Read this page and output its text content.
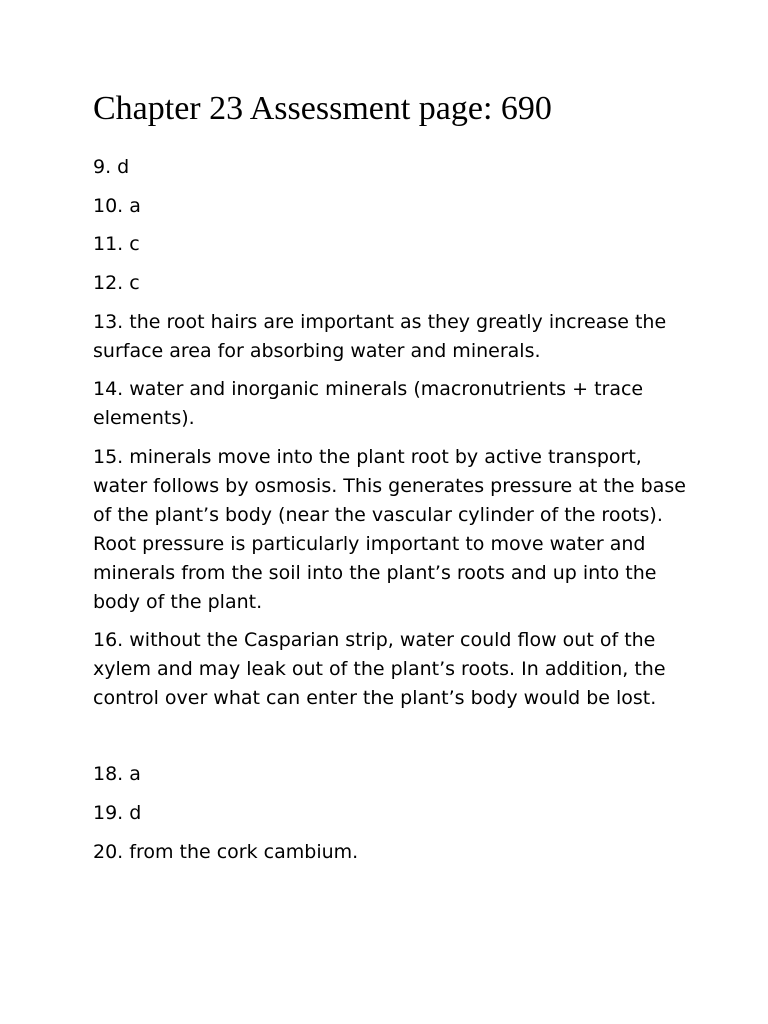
Chapter 23 Assessment page: 690

9. d

10. a

11. c

12. c

13. the root hairs are important as they greatly increase the surface area for absorbing water and minerals.

14. water and inorganic minerals (macronutrients + trace elements).

15. minerals move into the plant root by active transport, water follows by osmosis. This generates pressure at the base of the plant’s body (near the vascular cylinder of the roots). Root pressure is particularly important to move water and minerals from the soil into the plant’s roots and up into the body of the plant.

16. without the Casparian strip, water could flow out of the xylem and may leak out of the plant’s roots. In addition, the control over what can enter the plant’s body would be lost.

18. a

19. d

20. from the cork cambium.
